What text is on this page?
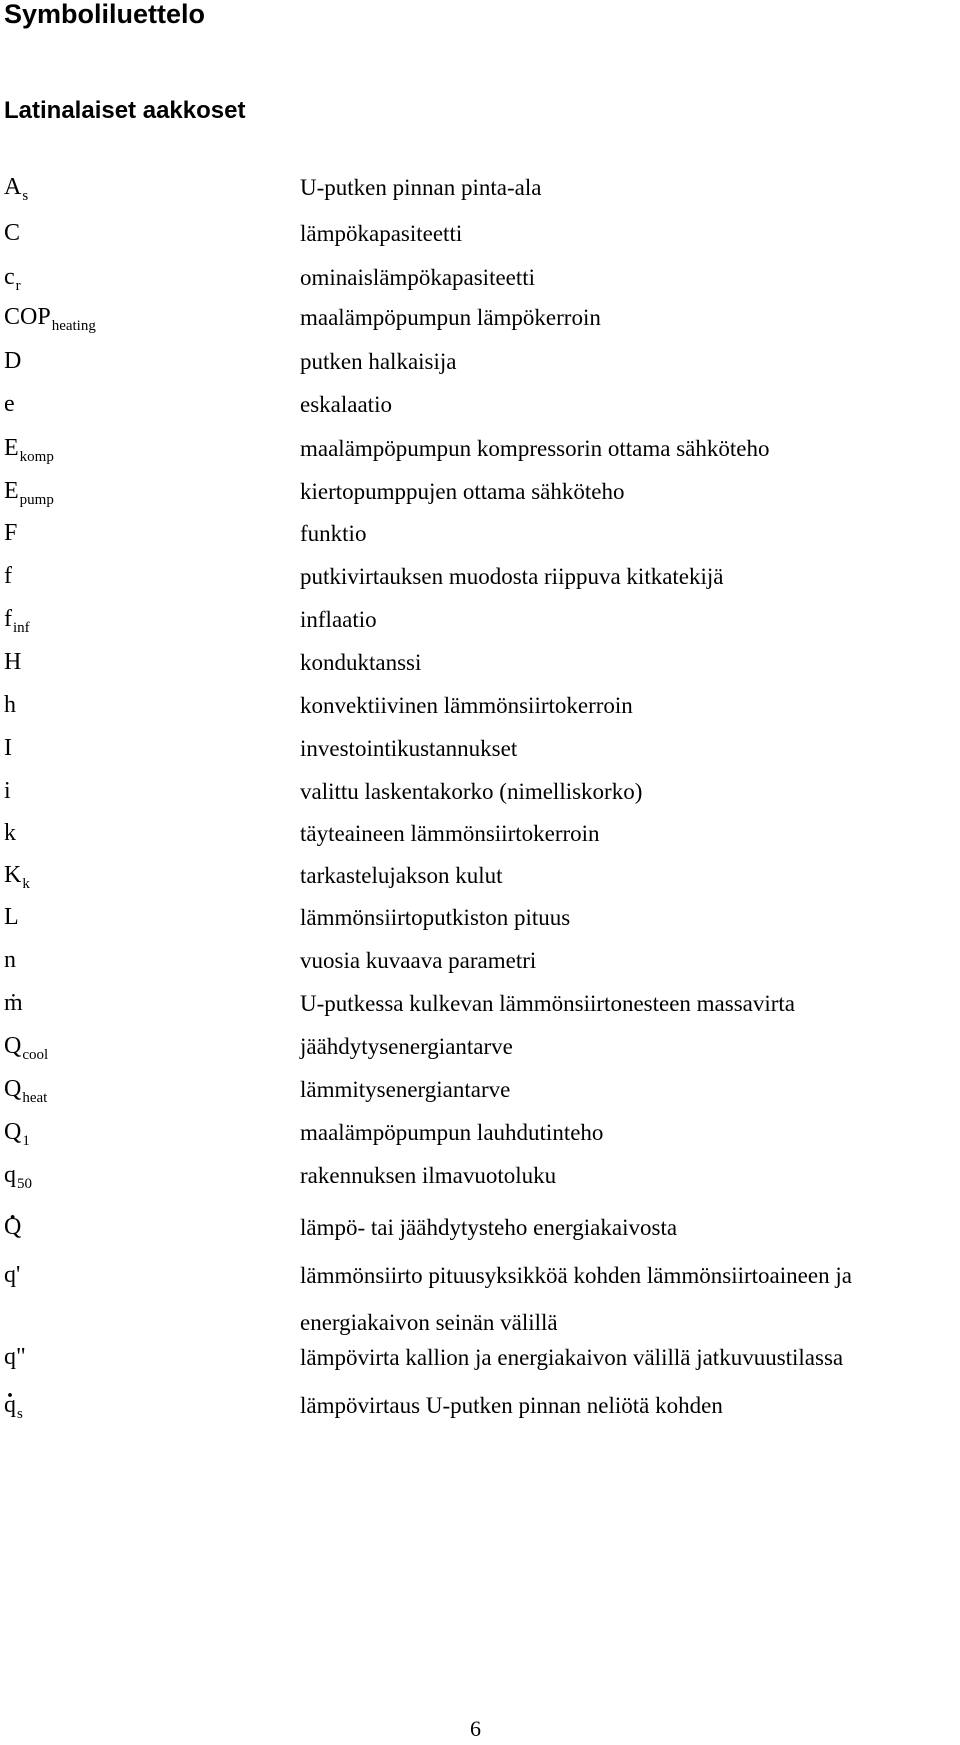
Symboliluettelo
Latinalaiset aakkoset
$A_s$	U-putken pinnan pinta-ala
C	lämpökapasiteetti
$c_r$	ominaislämpökapasiteetti
$COP_{heating}$	maalämpöpumpun lämpökerroin
D	putken halkaisija
e	eskalaatio
$E_{komp}$	maalämpöpumpun kompressorin ottama sähköteho
$E_{pump}$	kiertopumppujen ottama sähköteho
F	funktio
f	putkivirtauksen muodosta riippuva kitkatekijä
$f_{inf}$	inflaatio
H	konduktanssi
h	konvektiivinen lämmönsiirtokerroin
I	investointikustannukset
i	valittu laskentakorko (nimelliskorko)
k	täyteaineen lämmönsiirtokerroin
$K_k$	tarkastelujakson kulut
L	lämmönsiirtoputkiston pituus
n	vuosia kuvaava parametri
ṁ	U-putkessa kulkevan lämmönsiirtonesteen massavirta
$Q_{cool}$	jäähdytysenergiantarve
$Q_{heat}$	lämmitysenergiantarve
$Q_1$	maalämpöpumpun lauhdutinteho
$q_{50}$	rakennuksen ilmavuotoluku
. Q	lämpö- tai jäähdytysteho energiakaivosta
q'	lämmönsiirto pituusyksikköä kohden lämmönsiirtoaineen ja energiakaivon seinän välillä
q"	lämpövirta kallion ja energiakaivon välillä jatkuvuustilassa
. $q_s$	lämpövirtaus U-putken pinnan neliötä kohden
6
